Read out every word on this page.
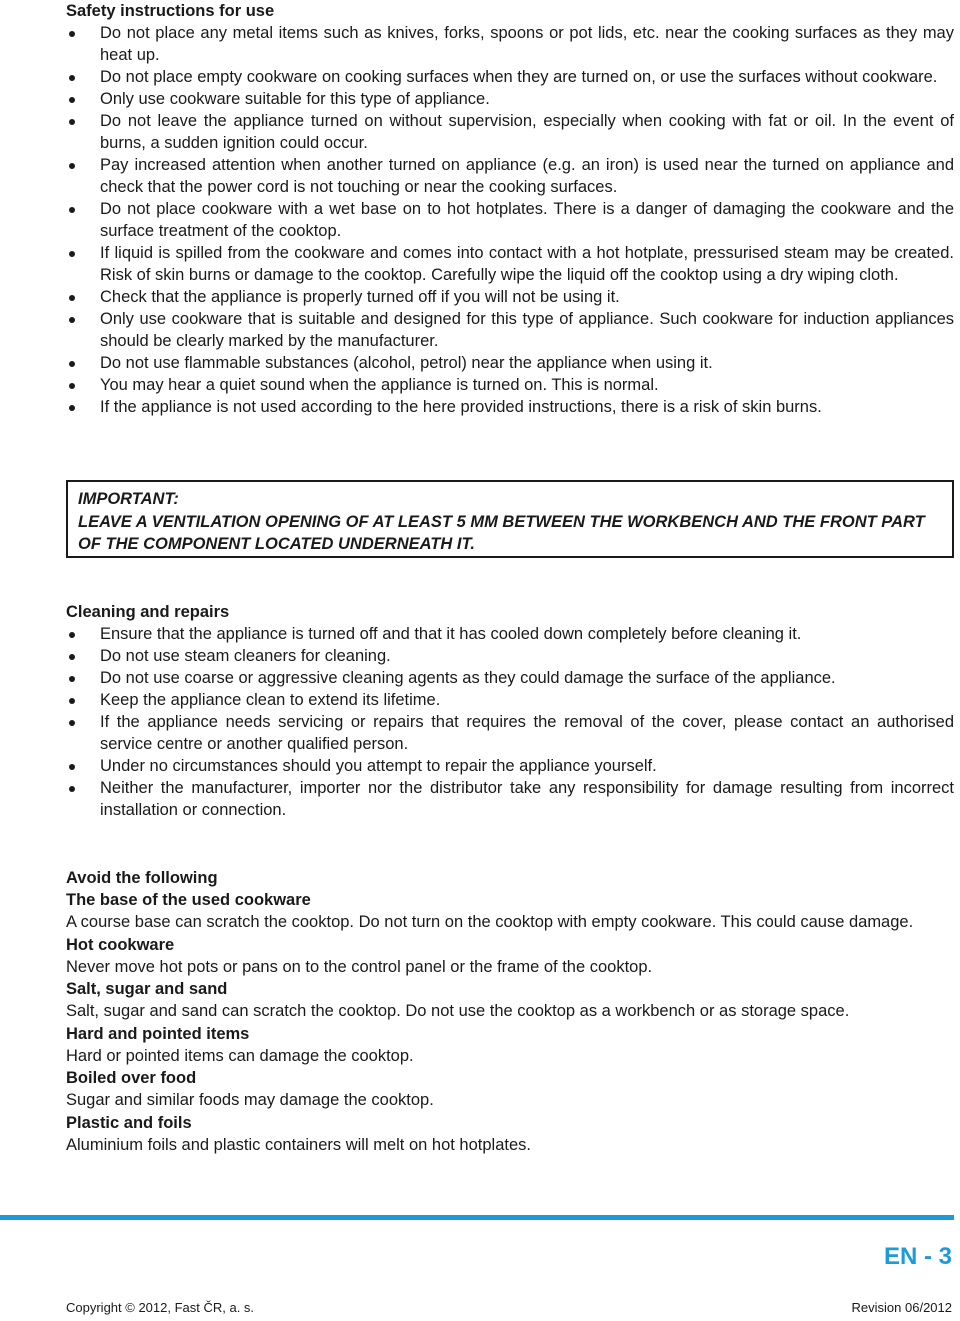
Safety instructions for use
Do not place any metal items such as knives, forks, spoons or pot lids, etc. near the cooking surfaces as they may heat up.
Do not place empty cookware on cooking surfaces when they are turned on, or use the surfaces without cookware.
Only use cookware suitable for this type of appliance.
Do not leave the appliance turned on without supervision, especially when cooking with fat or oil. In the event of burns, a sudden ignition could occur.
Pay increased attention when another turned on appliance (e.g. an iron) is used near the turned on appliance and check that the power cord is not touching or near the cooking surfaces.
Do not place cookware with a wet base on to hot hotplates. There is a danger of damaging the cookware and the surface treatment of the cooktop.
If liquid is spilled from the cookware and comes into contact with a hot hotplate, pressurised steam may be created. Risk of skin burns or damage to the cooktop. Carefully wipe the liquid off the cooktop using a dry wiping cloth.
Check that the appliance is properly turned off if you will not be using it.
Only use cookware that is suitable and designed for this type of appliance. Such cookware for induction appliances should be clearly marked by the manufacturer.
Do not use flammable substances (alcohol, petrol) near the appliance when using it.
You may hear a quiet sound when the appliance is turned on. This is normal.
If the appliance is not used according to the here provided instructions, there is a risk of skin burns.
IMPORTANT:
LEAVE A VENTILATION OPENING OF AT LEAST 5 MM BETWEEN THE WORKBENCH AND THE FRONT PART OF THE COMPONENT LOCATED UNDERNEATH IT.
Cleaning and repairs
Ensure that the appliance is turned off and that it has cooled down completely before cleaning it.
Do not use steam cleaners for cleaning.
Do not use coarse or aggressive cleaning agents as they could damage the surface of the appliance.
Keep the appliance clean to extend its lifetime.
If the appliance needs servicing or repairs that requires the removal of the cover, please contact an authorised service centre or another qualified person.
Under no circumstances should you attempt to repair the appliance yourself.
Neither the manufacturer, importer nor the distributor take any responsibility for damage resulting from incorrect installation or connection.
Avoid the following
The base of the used cookware

A course base can scratch the cooktop. Do not turn on the cooktop with empty cookware. This could cause damage.

Hot cookware

Never move hot pots or pans on to the control panel or the frame of the cooktop.

Salt, sugar and sand

Salt, sugar and sand can scratch the cooktop. Do not use the cooktop as a workbench or as storage space.

Hard and pointed items

Hard or pointed items can damage the cooktop.

Boiled over food

Sugar and similar foods may damage the cooktop.

Plastic and foils

Aluminium foils and plastic containers will melt on hot hotplates.

EN - 3
Copyright © 2012, Fast ČR, a. s.	Revision 06/2012
